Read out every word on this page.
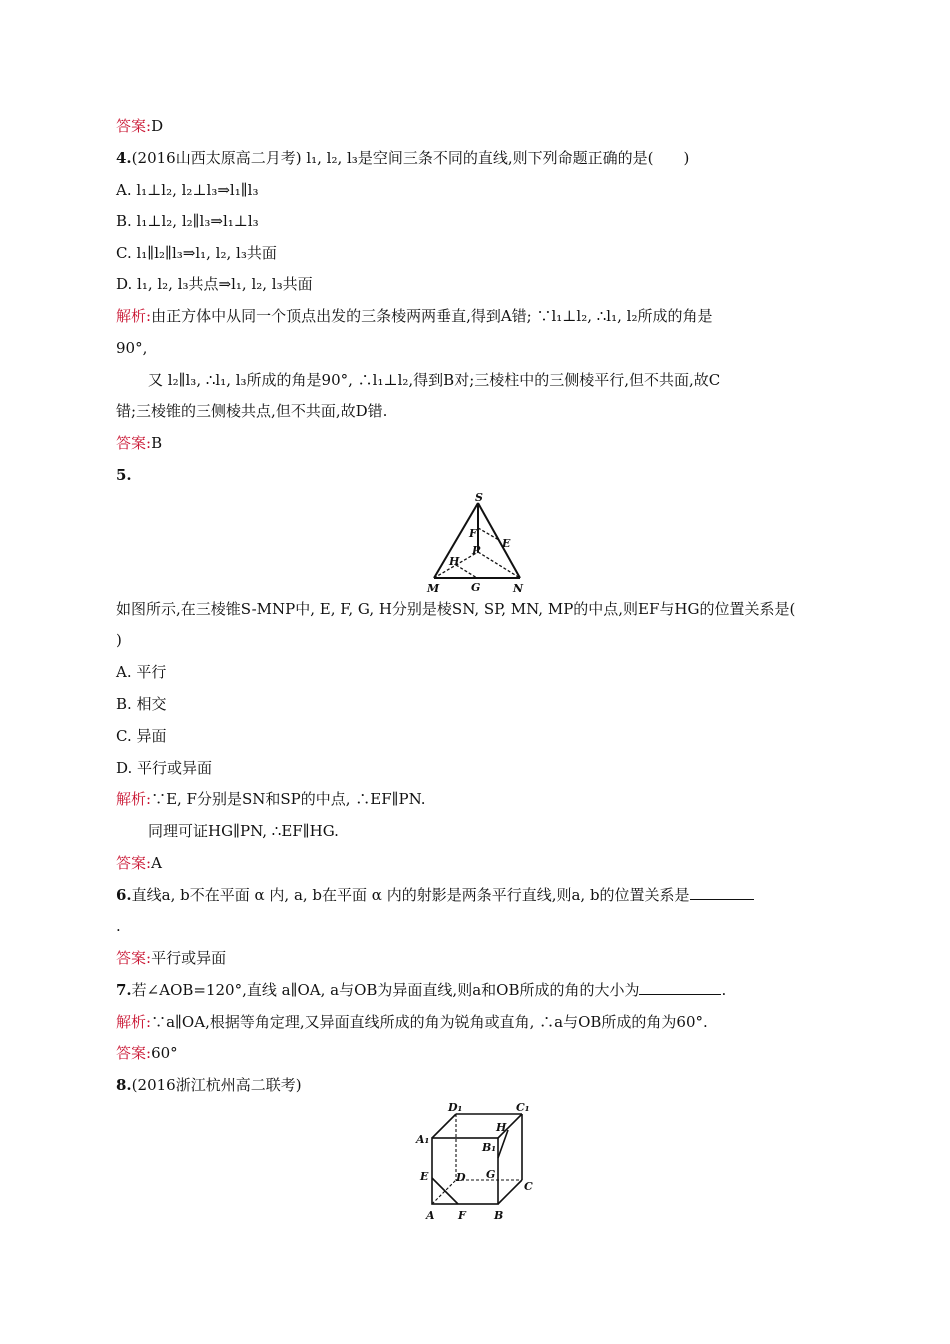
答案:D
4.(2016山西太原高二月考) l₁, l₂, l₃是空间三条不同的直线,则下列命题正确的是(　　)
A. l₁⊥l₂, l₂⊥l₃⇒l₁∥l₃
B. l₁⊥l₂, l₂∥l₃⇒l₁⊥l₃
C. l₁∥l₂∥l₃⇒l₁, l₂, l₃共面
D. l₁, l₂, l₃共点⇒l₁, l₂, l₃共面
解析:由正方体中从同一个顶点出发的三条棱两两垂直,得到A错; ∵l₁⊥l₂, ∴l₁, l₂所成的角是
90°,
又 l₂∥l₃, ∴l₁, l₃所成的角是90°, ∴l₁⊥l₂,得到B对;三棱柱中的三侧棱平行,但不共面,故C
错;三棱锥的三侧棱共点,但不共面,故D错.
答案:B
5.
S
F
E
P
H
M	G	N
如图所示,在三棱锥S-MNP中, E, F, G, H分别是棱SN, SP, MN, MP的中点,则EF与HG的位置关系是(
)
A. 平行
B. 相交
C. 异面
D. 平行或异面
解析:∵E, F分别是SN和SP的中点, ∴EF∥PN.
同理可证HG∥PN, ∴EF∥HG.
答案:A
6.直线a, b不在平面 α 内, a, b在平面 α 内的射影是两条平行直线,则a, b的位置关系是
.
答案:平行或异面
7.若∠AOB=120°,直线 a∥OA, a与OB为异面直线,则a和OB所成的角的大小为	.
解析:∵a∥OA,根据等角定理,又异面直线所成的角为锐角或直角, ∴a与OB所成的角为60°.
答案:60°
8.(2016浙江杭州高二联考)
D₁	C₁
A₁
H
B₁
E	D G
C
A F	B
